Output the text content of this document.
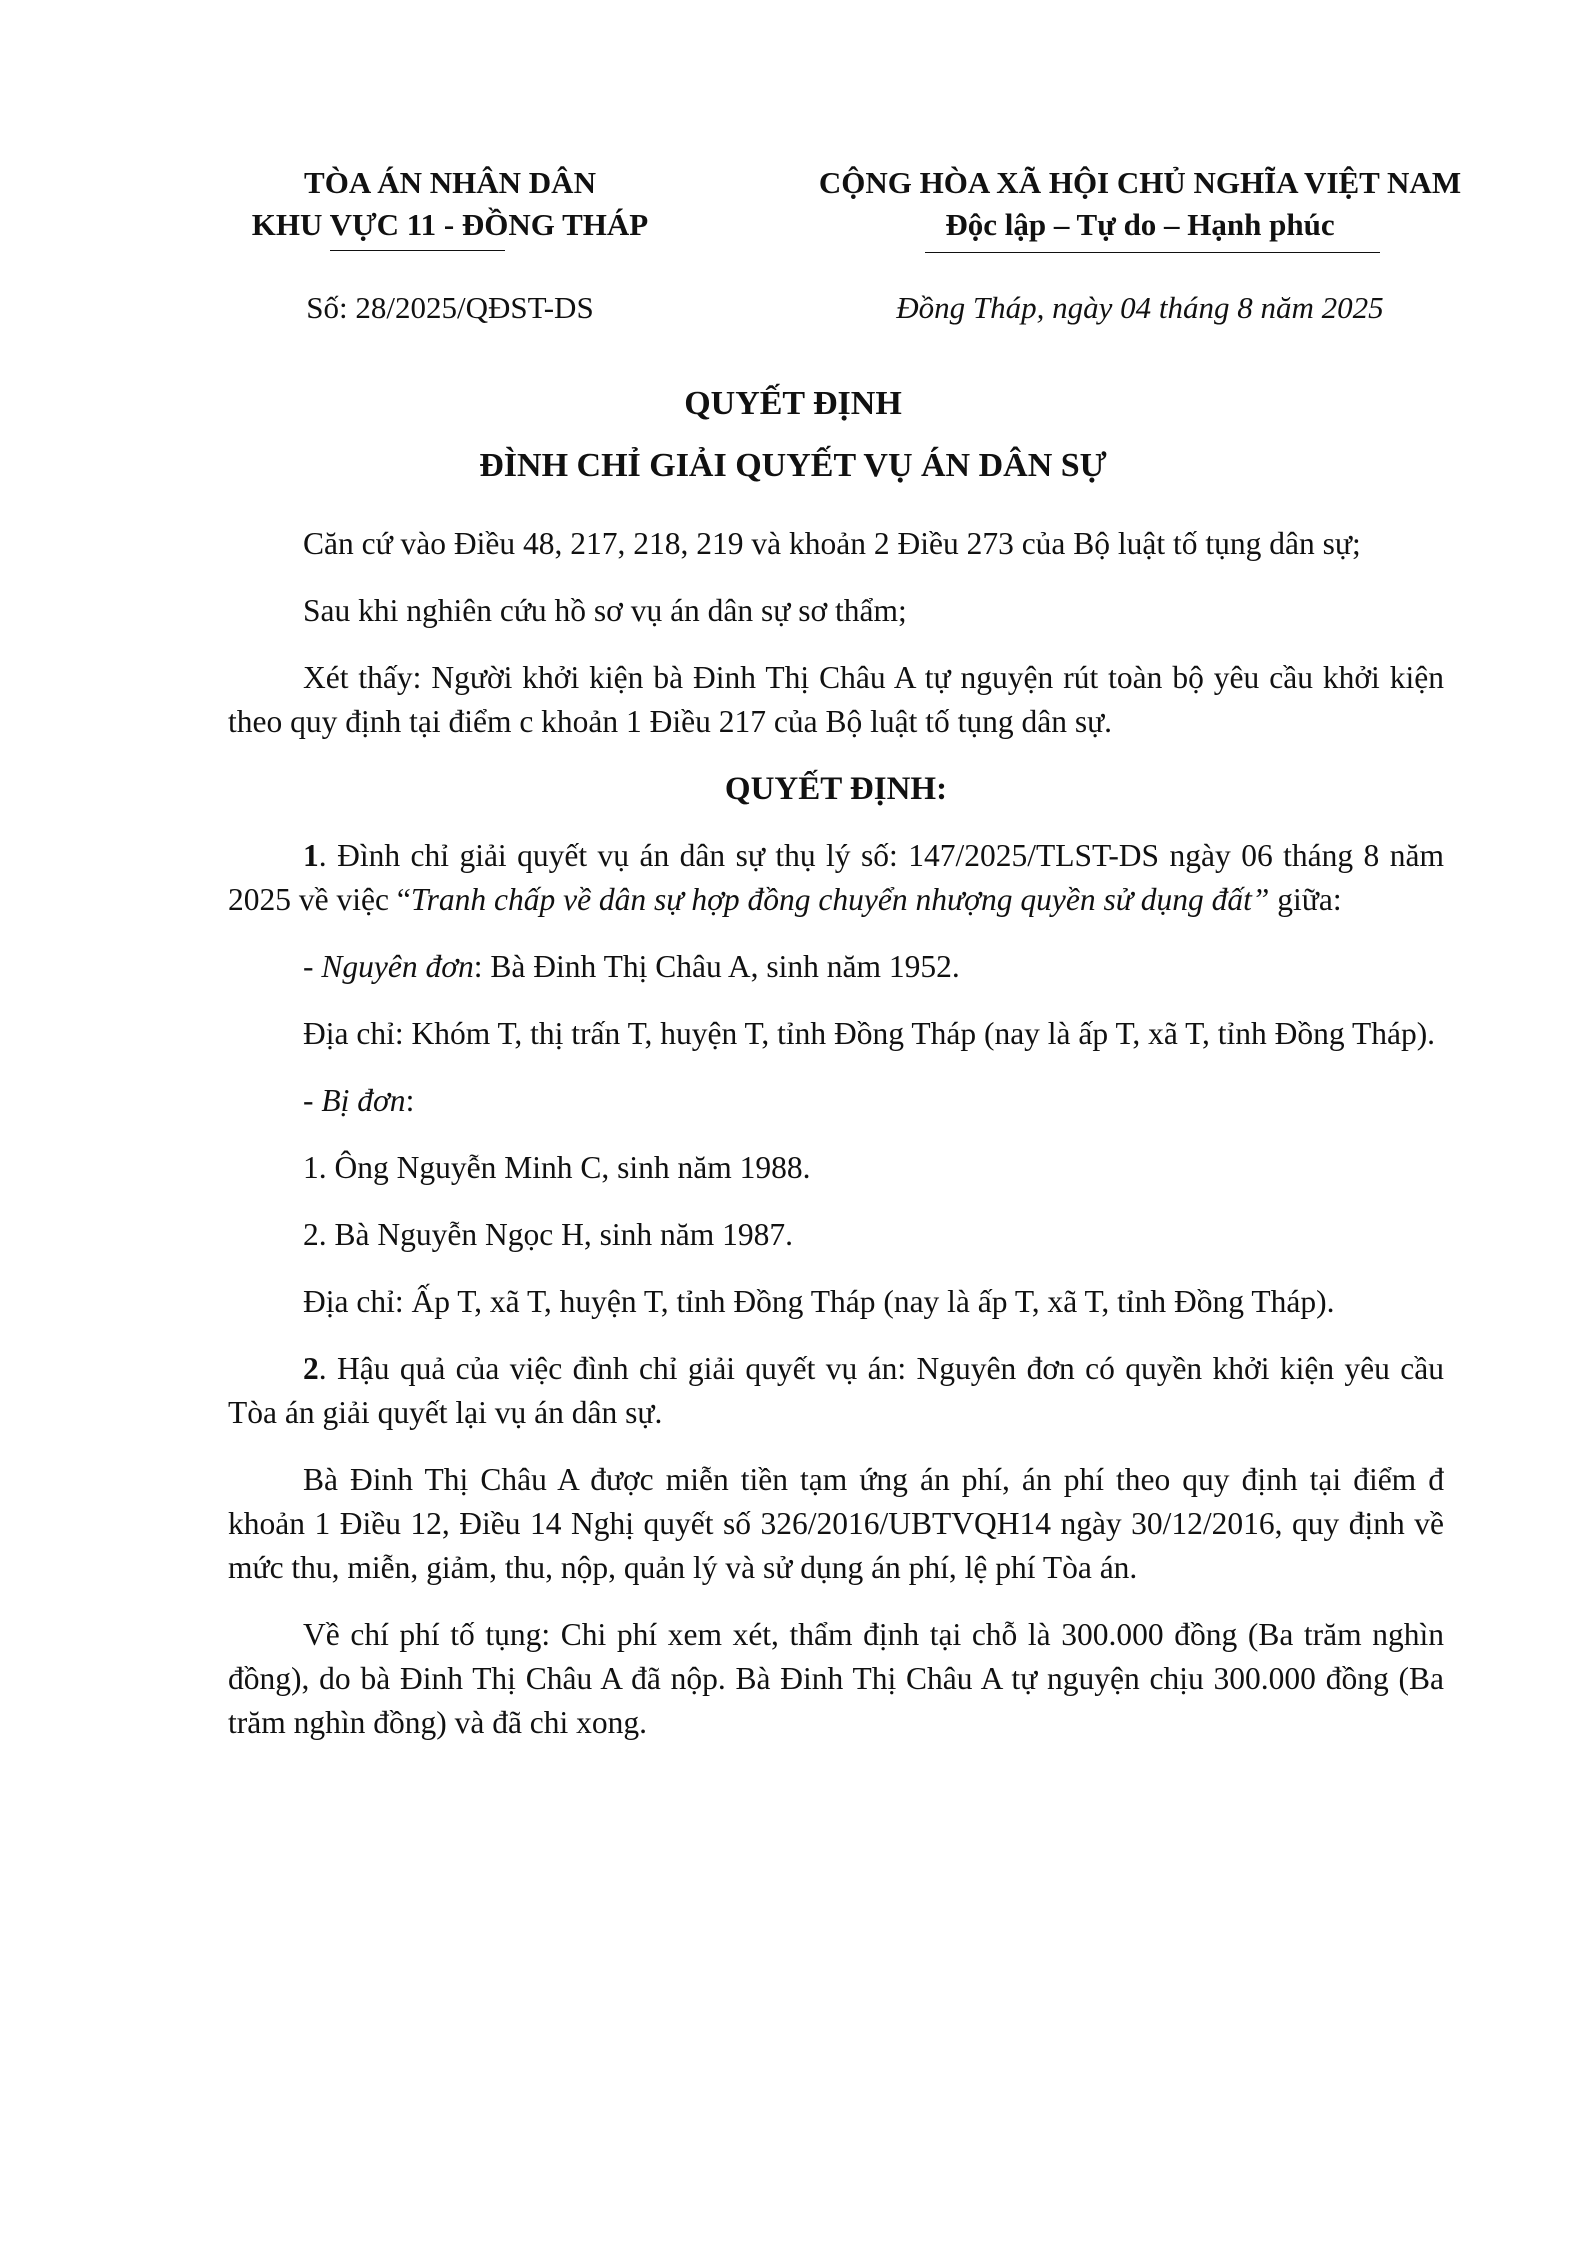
TÒA ÁN NHÂN DÂN
KHU VỰC 11 - ĐỒNG THÁP
CỘNG HÒA XÃ HỘI CHỦ NGHĨA VIỆT NAM
Độc lập – Tự do – Hạnh phúc
Số: 28/2025/QĐST-DS	Đồng Tháp, ngày 04 tháng 8 năm 2025
QUYẾT ĐỊNH
ĐÌNH CHỈ GIẢI QUYẾT VỤ ÁN DÂN SỰ

Căn cứ vào Điều 48, 217, 218, 219 và khoản 2 Điều 273 của Bộ luật tố tụng dân sự;

Sau khi nghiên cứu hồ sơ vụ án dân sự sơ thẩm;

Xét thấy: Người khởi kiện bà Đinh Thị Châu A tự nguyện rút toàn bộ yêu cầu khởi kiện theo quy định tại điểm c khoản 1 Điều 217 của Bộ luật tố tụng dân sự.

QUYẾT ĐỊNH:

1. Đình chỉ giải quyết vụ án dân sự thụ lý số: 147/2025/TLST-DS ngày 06 tháng 8 năm 2025 về việc “Tranh chấp về dân sự hợp đồng chuyển nhượng quyền sử dụng đất” giữa:

- Nguyên đơn: Bà Đinh Thị Châu A, sinh năm 1952.

Địa chỉ: Khóm T, thị trấn T, huyện T, tỉnh Đồng Tháp (nay là ấp T, xã T, tỉnh Đồng Tháp).

- Bị đơn:

1. Ông Nguyễn Minh C, sinh năm 1988.

2. Bà Nguyễn Ngọc H, sinh năm 1987.

Địa chỉ: Ấp T, xã T, huyện T, tỉnh Đồng Tháp (nay là ấp T, xã T, tỉnh Đồng Tháp).

2. Hậu quả của việc đình chỉ giải quyết vụ án: Nguyên đơn có quyền khởi kiện yêu cầu Tòa án giải quyết lại vụ án dân sự.

Bà Đinh Thị Châu A được miễn tiền tạm ứng án phí, án phí theo quy định tại điểm đ khoản 1 Điều 12, Điều 14 Nghị quyết số 326/2016/UBTVQH14 ngày 30/12/2016, quy định về mức thu, miễn, giảm, thu, nộp, quản lý và sử dụng án phí, lệ phí Tòa án.

Về chí phí tố tụng: Chi phí xem xét, thẩm định tại chỗ là 300.000 đồng (Ba trăm nghìn đồng), do bà Đinh Thị Châu A đã nộp. Bà Đinh Thị Châu A tự nguyện chịu 300.000 đồng (Ba trăm nghìn đồng) và đã chi xong.
